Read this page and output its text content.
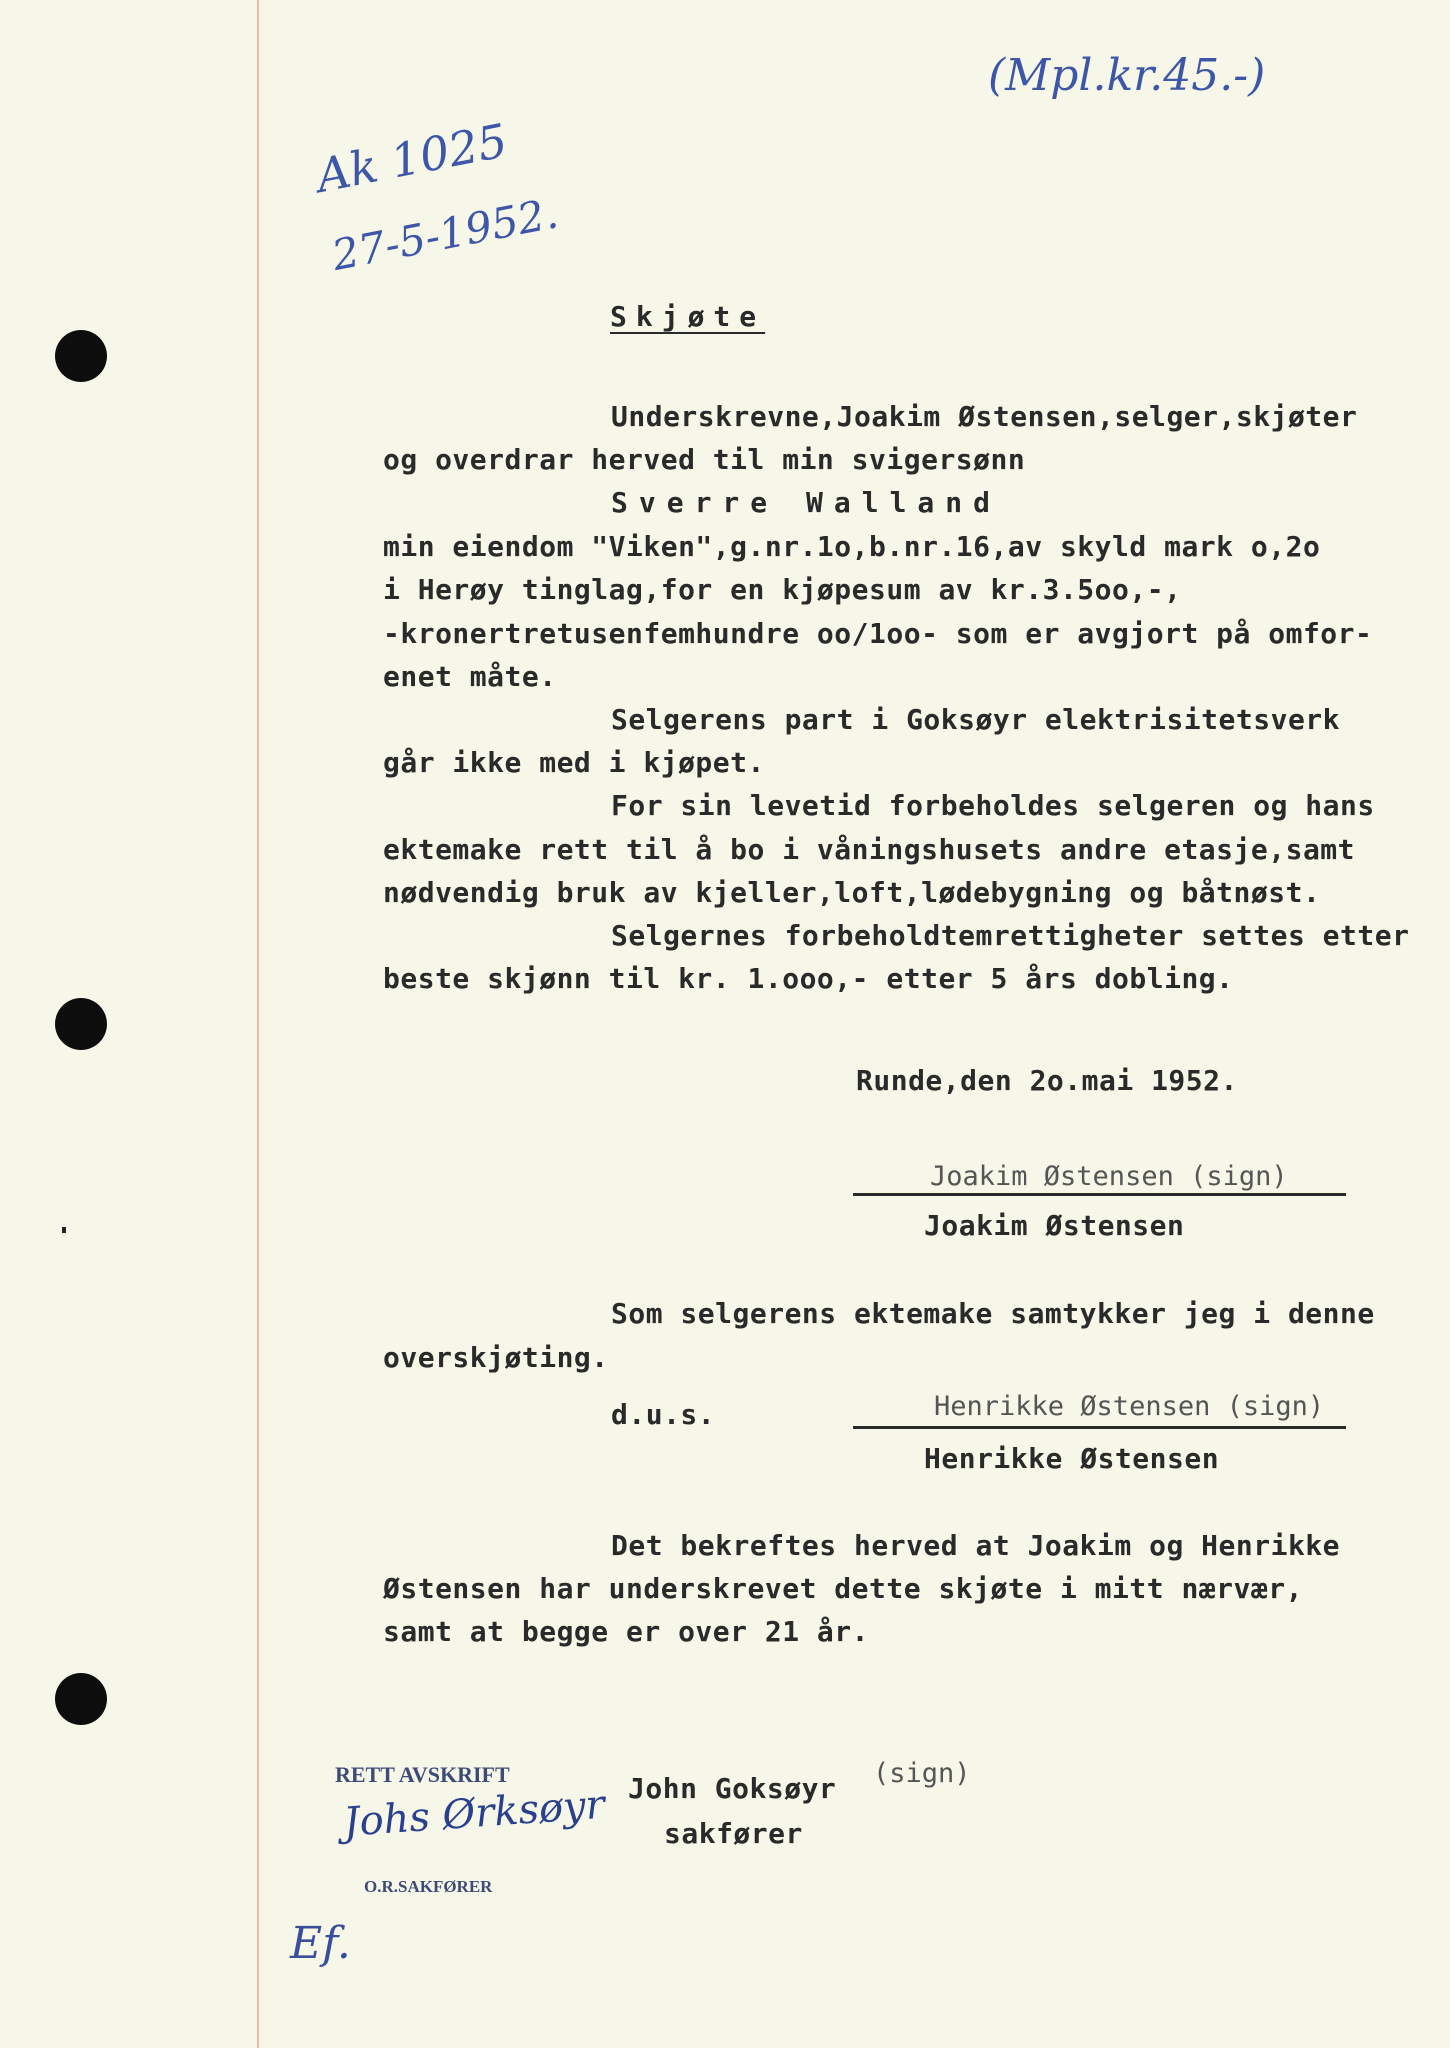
(Mpl.kr.45.-)
Ak 1025
27-5-1952.
Skjøte
Underskrevne,Joakim Østensen,selger,skjøter
og overdrar herved til min svigersønn
Sverre Walland
min eiendom "Viken",g.nr.1o,b.nr.16,av skyld mark o,2o
i Herøy tinglag,for en kjøpesum av kr.3.5oo,-,
-kronertretusenfemhundre oo/1oo- som er avgjort på omfor-
enet måte.
Selgerens part i Goksøyr elektrisitetsverk
går ikke med i kjøpet.
For sin levetid forbeholdes selgeren og hans
ektemake rett til å bo i våningshusets andre etasje,samt
nødvendig bruk av kjeller,loft,lødebygning og båtnøst.
Selgernes forbeholdtemrettigheter settes etter
beste skjønn til kr. 1.ooo,- etter 5 års dobling.
Runde,den 2o.mai 1952.
Joakim Østensen (sign)
Joakim Østensen
Som selgerens ektemake samtykker jeg i denne
overskjøting.
d.u.s.	Henrikke Østensen (sign)
Henrikke Østensen
Det bekreftes herved at Joakim og Henrikke
Østensen har underskrevet dette skjøte i mitt nærvær,
samt at begge er over 21 år.
John Goksøyr (sign)
sakfører
RETT AVSKRIFT
Johs Ørksøyr
O.R.SAKFØRER
Ef.
